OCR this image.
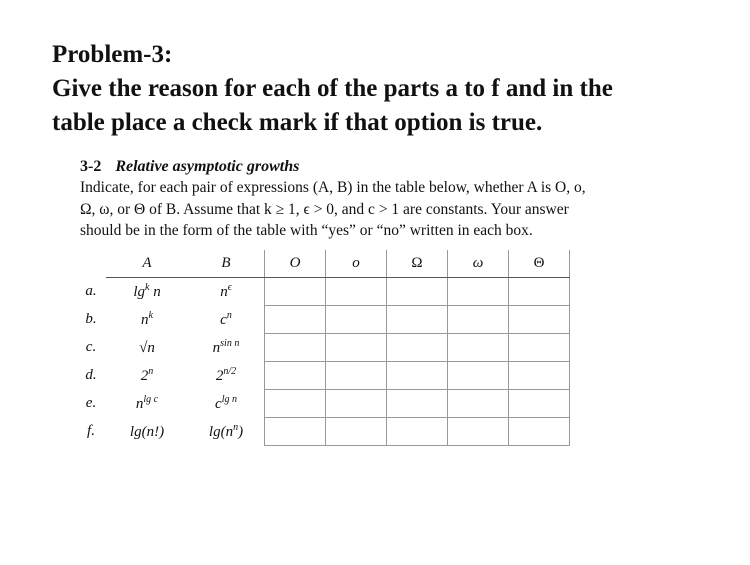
Problem-3:
Give the reason for each of the parts a to f and in the
table place a check mark if that option is true.
3-2 Relative asymptotic growths
Indicate, for each pair of expressions (A, B) in the table below, whether A is O, o,
Ω, ω, or Θ of B. Assume that k ≥ 1, ϵ > 0, and c > 1 are constants. Your answer
should be in the form of the table with “yes” or “no” written in each box.
	A	B	O	o	Ω	ω	Θ
a.	$\lg^k n$	$n^\epsilon$					
b.	$n^k$	$c^n$					
c.	√n	$n^{sin n}$					
d.	2$^n$	$2^{n/2}$					
e.	$n^{lg c}$	$c^{lg n}$					
f.	lg(n!)	$\lg(n^n)$					
